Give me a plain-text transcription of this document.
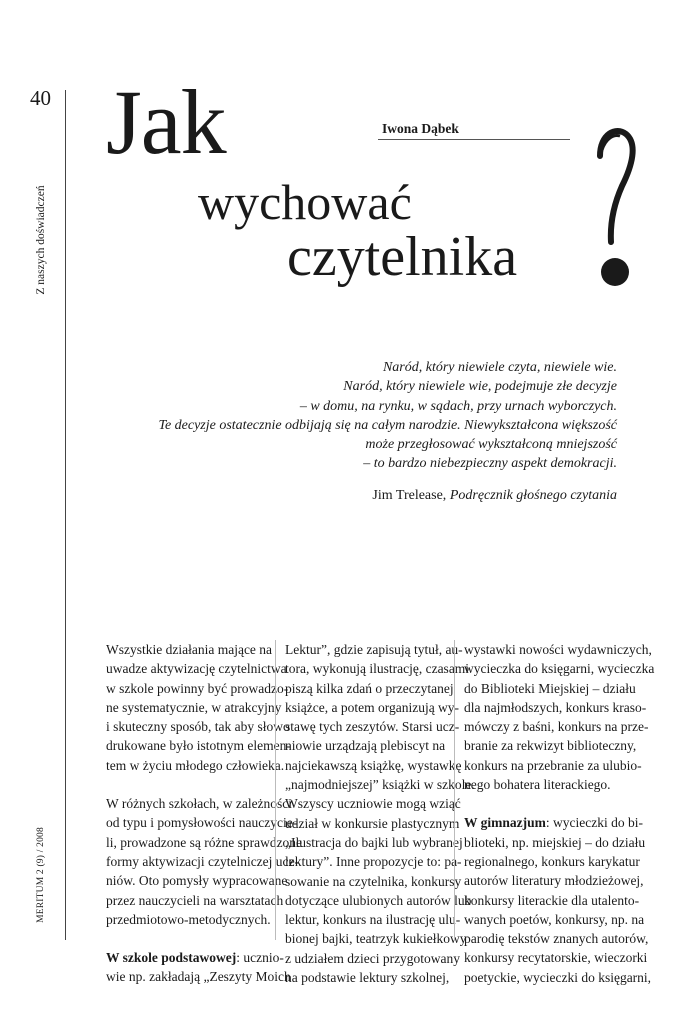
40
Z naszych doświadczeń
MERITUM 2 (9) / 2008
Iwona Dąbek
Jak
wychować
czytelnika
Naród, który niewiele czyta, niewiele wie.
Naród, który niewiele wie, podejmuje złe decyzje
– w domu, na rynku, w sądach, przy urnach wyborczych.
Te decyzje ostatecznie odbijają się na całym narodzie. Niewykształcona większość
może przegłosować wykształconą mniejszość
– to bardzo niebezpieczny aspekt demokracji.
Jim Trelease, Podręcznik głośnego czytania
Wszystkie działania mające na
uwadze aktywizację czytelnictwa
w szkole powinny być prowadzo-
ne systematycznie, w atrakcyjny
i skuteczny sposób, tak aby słowo
drukowane było istotnym elemen-
tem w życiu młodego człowieka.
W różnych szkołach, w zależności
od typu i pomysłowości nauczycie-
li, prowadzone są różne sprawdzone
formy aktywizacji czytelniczej ucz-
niów. Oto pomysły wypracowane
przez nauczycieli na warsztatach
przedmiotowo-metodycznych.
W szkole podstawowej: ucznio-
wie np. zakładają „Zeszyty Moich
Lektur”, gdzie zapisują tytuł, au-
tora, wykonują ilustrację, czasami
piszą kilka zdań o przeczytanej
książce, a potem organizują wy-
stawę tych zeszytów. Starsi ucz-
niowie urządzają plebiscyt na
najciekawszą książkę, wystawkę
„najmodniejszej” książki w szkole.
Wszyscy uczniowie mogą wziąć
udział w konkursie plastycznym
„Ilustracja do bajki lub wybranej
lektury”. Inne propozycje to: pa-
sowanie na czytelnika, konkursy
dotyczące ulubionych autorów lub
lektur, konkurs na ilustrację ulu-
bionej bajki, teatrzyk kukiełkowy
z udziałem dzieci przygotowany
na podstawie lektury szkolnej,
wystawki nowości wydawniczych,
wycieczka do księgarni, wycieczka
do Biblioteki Miejskiej – działu
dla najmłodszych, konkurs kraso-
mówczy z baśni, konkurs na prze-
branie za rekwizyt biblioteczny,
konkurs na przebranie za ulubio-
nego bohatera literackiego.
W gimnazjum: wycieczki do bi-
blioteki, np. miejskiej – do działu
regionalnego, konkurs karykatur
autorów literatury młodzieżowej,
konkursy literackie dla utalento-
wanych poetów, konkursy, np. na
parodię tekstów znanych autorów,
konkursy recytatorskie, wieczorki
poetyckie, wycieczki do księgarni,
